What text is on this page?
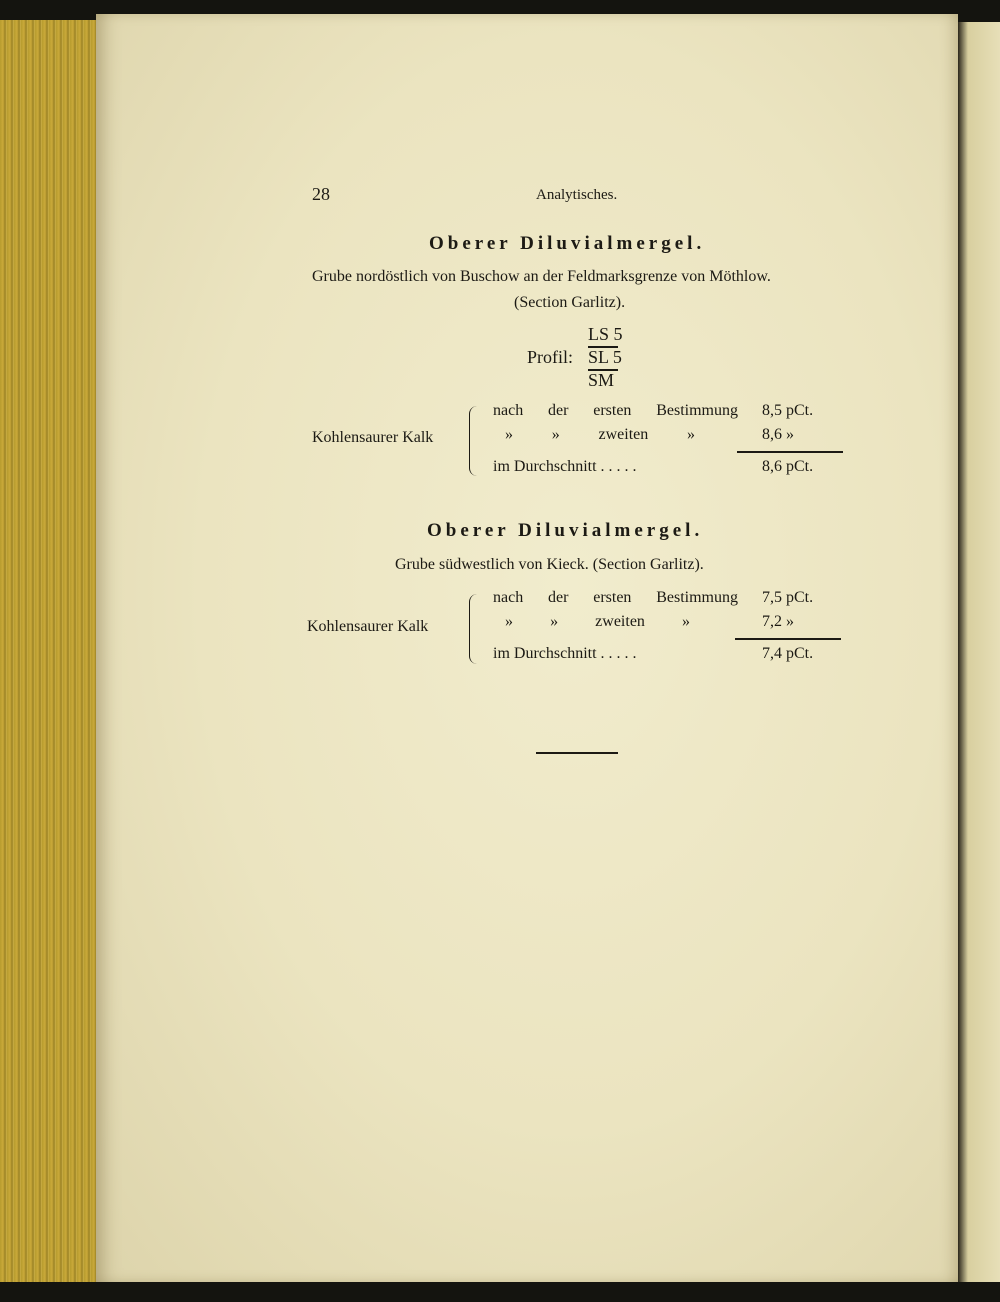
28	Analytisches.
Oberer Diluvialmergel.
Grube nordöstlich von Buschow an der Feldmarksgrenze von Möthlow.
(Section Garlitz).
LS 5
Profil: SL 5
SM
Kohlensaurer Kalk
nach der ersten Bestimmung 8,5 pCt.
» » zweiten »	8,6 »
im Durchschnitt . . . . .	8,6 pCt.
Oberer Diluvialmergel.
Grube südwestlich von Kieck. (Section Garlitz).
Kohlensaurer Kalk
nach der ersten Bestimmung 7,5 pCt.
» » zweiten »	7,2 »
im Durchschnitt . . . . .	7,4 pCt.
